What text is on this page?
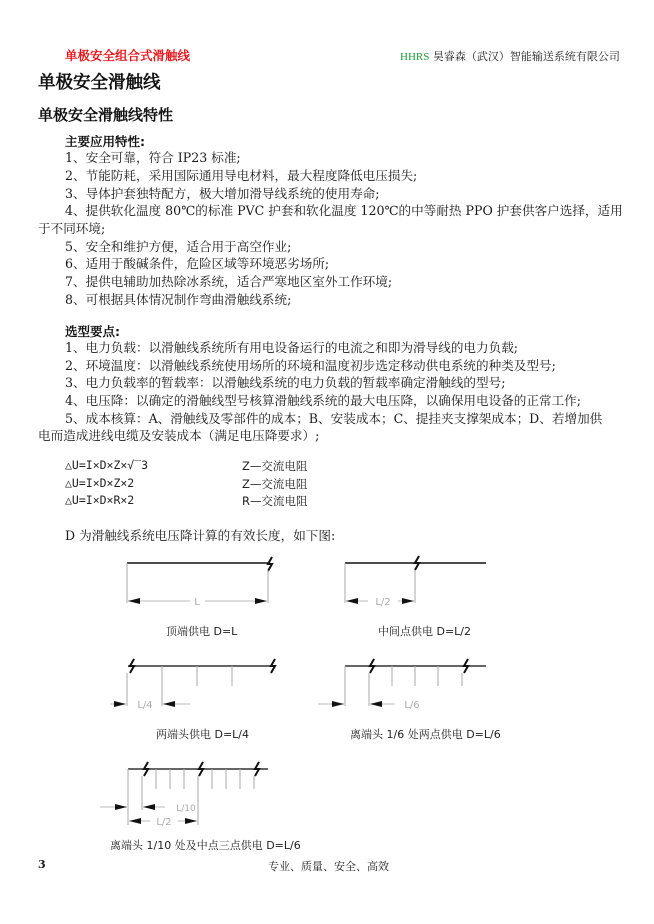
单极安全组合式滑触线	HHRS 昊睿森（武汉）智能输送系统有限公司
单极安全滑触线
单极安全滑触线特性
主要应用特性:
1、安全可靠，符合 IP23 标准;
2、节能防耗，采用国际通用导电材料，最大程度降低电压损失;
3、导体护套独特配方，极大增加滑导线系统的使用寿命;
4、提供软化温度 80℃的标准 PVC 护套和软化温度 120℃的中等耐热 PPO 护套供客户选择，适用
于不同环境;
5、安全和维护方便，适合用于高空作业;
6、适用于酸碱条件，危险区域等环境恶劣场所;
7、提供电辅助加热除冰系统，适合严寒地区室外工作环境;
8、可根据具体情况制作弯曲滑触线系统;
选型要点:
1、电力负载：以滑触线系统所有用电设备运行的电流之和即为滑导线的电力负载;
2、环境温度：以滑触线系统使用场所的环境和温度初步选定移动供电系统的种类及型号;
3、电力负载率的暂载率：以滑触线系统的电力负载的暂载率确定滑触线的型号;
4、电压降：以确定的滑触线型号核算滑触线系统的最大电压降，以确保用电设备的正常工作;
5、成本核算：A、滑触线及零部件的成本；B、安装成本；C、提挂夹支撑架成本；D、若增加供
电而造成进线电缆及安装成本（满足电压降要求）;
△U=I×D×Z×√‾3	Z—交流电阻
△U=I×D×Z×2	Z—交流电阻
△U=I×D×R×2	R—交流电阻
D 为滑触线系统电压降计算的有效长度，如下图:
L
顶端供电 D=L
L/2
中间点供电 D=L/2
L/4
两端头供电 D=L/4
L/6
离端头 1/6 处两点供电 D=L/6
L/10
L/2
离端头 1/10 处及中点三点供电 D=L/6
3	专业、质量、安全、高效
